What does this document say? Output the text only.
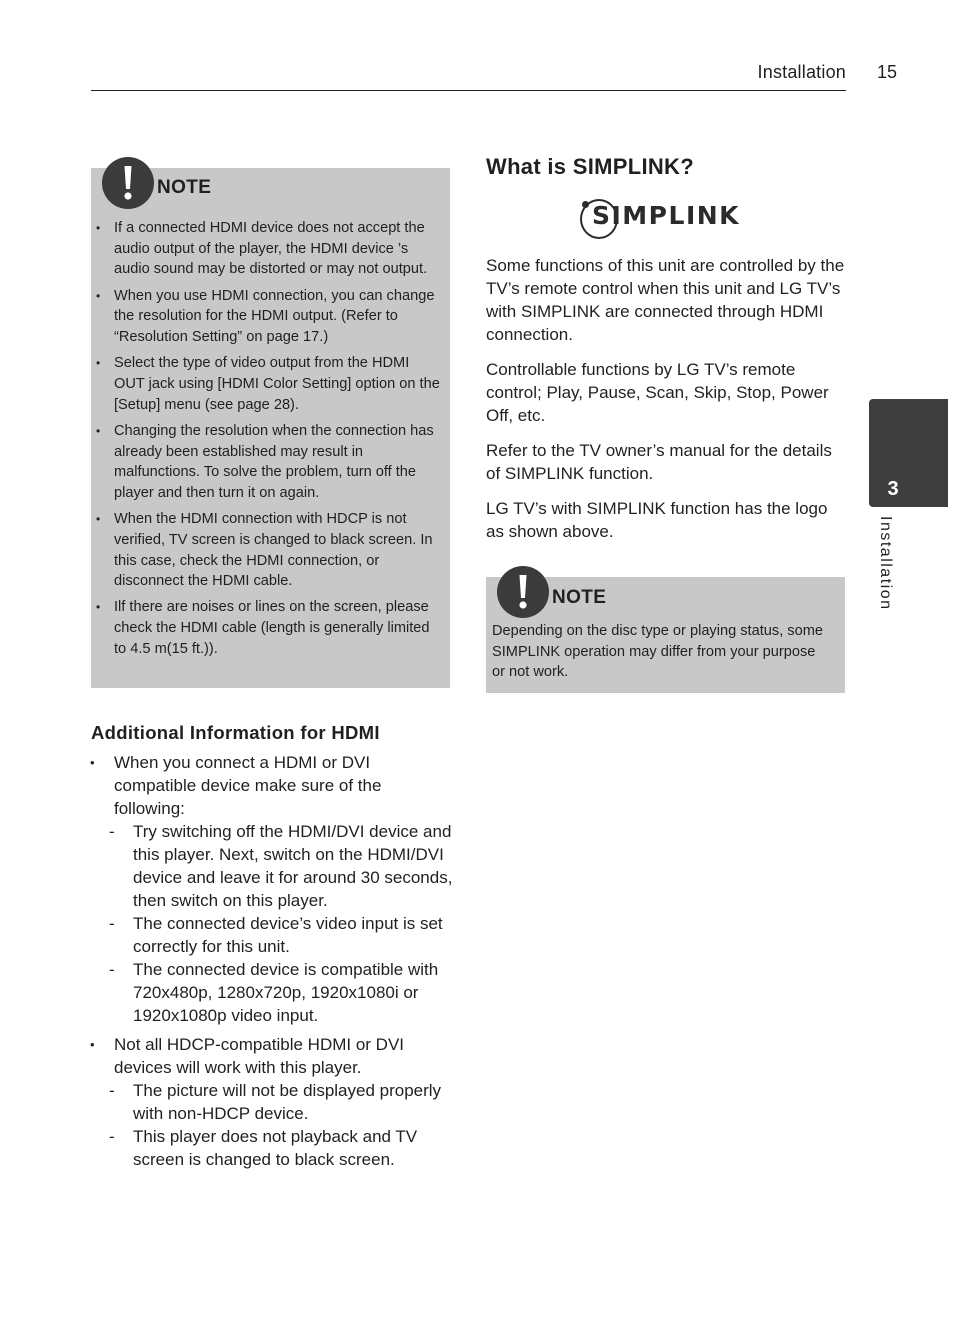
Installation 15
3
Installation
NOTE
• If a connected HDMI device does not accept the audio output of the player, the HDMI device ’s audio sound may be distorted or may not output.
• When you use HDMI connection, you can change the resolution for the HDMI output. (Refer to “Resolution Setting” on page 17.)
• Select the type of video output from the HDMI OUT jack using [HDMI Color Setting] option on the [Setup] menu (see page 28).
• Changing the resolution when the connection has already been established may result in malfunctions. To solve the problem, turn off the player and then turn it on again.
• When the HDMI connection with HDCP is not verified, TV screen is changed to black screen. In this case, check the HDMI connection, or disconnect the HDMI cable.
• Ilf there are noises or lines on the screen, please check the HDMI cable (length is generally limited to 4.5 m(15 ft.)).
Additional Information for HDMI
• When you connect a HDMI or DVI compatible device make sure of the following:
- Try switching off the HDMI/DVI device and this player. Next, switch on the HDMI/DVI device and leave it for around 30 seconds, then switch on this player.
- The connected device’s video input is set correctly for this unit.
- The connected device is compatible with 720x480p, 1280x720p, 1920x1080i or 1920x1080p video input.
• Not all HDCP-compatible HDMI or DVI devices will work with this player.
- The picture will not be displayed properly with non-HDCP device.
- This player does not playback and TV screen is changed to black screen.
What is SIMPLINK?
SIMPLINK

Some functions of this unit are controlled by the TV’s remote control when this unit and LG TV’s with SIMPLINK are connected through HDMI connection.

Controllable functions by LG TV’s remote control; Play, Pause, Scan, Skip, Stop, Power Off, etc.

Refer to the TV owner’s manual for the details of SIMPLINK function.

LG TV’s with SIMPLINK function has the logo as shown above.

NOTE

Depending on the disc type or playing status, some SIMPLINK operation may differ from your purpose or not work.
